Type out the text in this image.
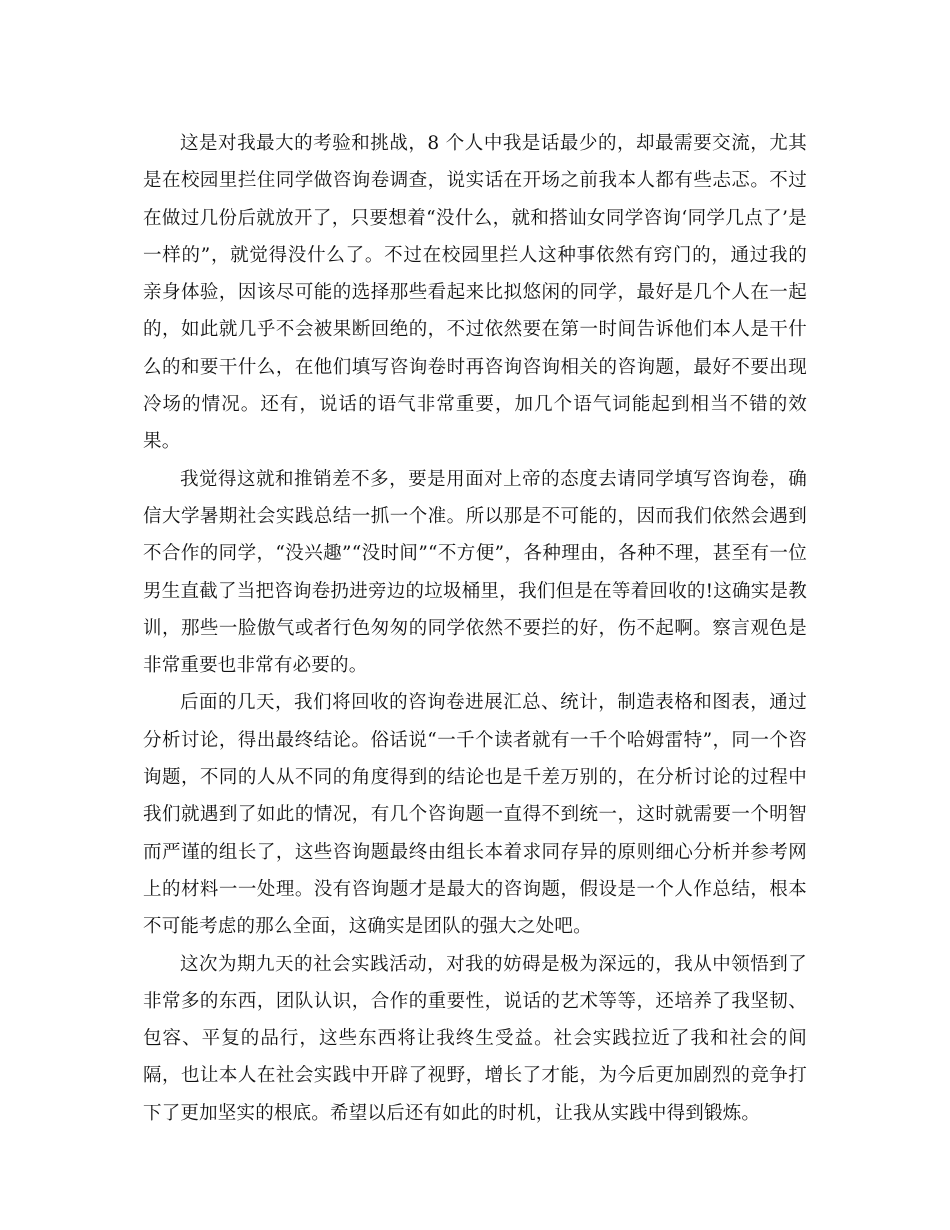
这是对我最大的考验和挑战，8 个人中我是话最少的，却最需要交流，尤其是在校园里拦住同学做咨询卷调查，说实话在开场之前我本人都有些忐忑。不过在做过几份后就放开了，只要想着“没什么，就和搭讪女同学咨询‘同学几点了’是一样的”，就觉得没什么了。不过在校园里拦人这种事依然有窍门的，通过我的亲身体验，因该尽可能的选择那些看起来比拟悠闲的同学，最好是几个人在一起的，如此就几乎不会被果断回绝的，不过依然要在第一时间告诉他们本人是干什么的和要干什么，在他们填写咨询卷时再咨询咨询相关的咨询题，最好不要出现冷场的情况。还有，说话的语气非常重要，加几个语气词能起到相当不错的效果。

我觉得这就和推销差不多，要是用面对上帝的态度去请同学填写咨询卷，确信大学暑期社会实践总结一抓一个准。所以那是不可能的，因而我们依然会遇到不合作的同学，“没兴趣”“没时间”“不方便”，各种理由，各种不理，甚至有一位男生直截了当把咨询卷扔进旁边的垃圾桶里，我们但是在等着回收的!这确实是教训，那些一脸傲气或者行色匆匆的同学依然不要拦的好，伤不起啊。察言观色是非常重要也非常有必要的。

后面的几天，我们将回收的咨询卷进展汇总、统计，制造表格和图表，通过分析讨论，得出最终结论。俗话说“一千个读者就有一千个哈姆雷特”，同一个咨询题，不同的人从不同的角度得到的结论也是千差万别的，在分析讨论的过程中我们就遇到了如此的情况，有几个咨询题一直得不到统一，这时就需要一个明智而严谨的组长了，这些咨询题最终由组长本着求同存异的原则细心分析并参考网上的材料一一处理。没有咨询题才是最大的咨询题，假设是一个人作总结，根本不可能考虑的那么全面，这确实是团队的强大之处吧。

这次为期九天的社会实践活动，对我的妨碍是极为深远的，我从中领悟到了非常多的东西，团队认识，合作的重要性，说话的艺术等等，还培养了我坚韧、包容、平复的品行，这些东西将让我终生受益。社会实践拉近了我和社会的间隔，也让本人在社会实践中开辟了视野，增长了才能，为今后更加剧烈的竞争打下了更加坚实的根底。希望以后还有如此的时机，让我从实践中得到锻炼。
